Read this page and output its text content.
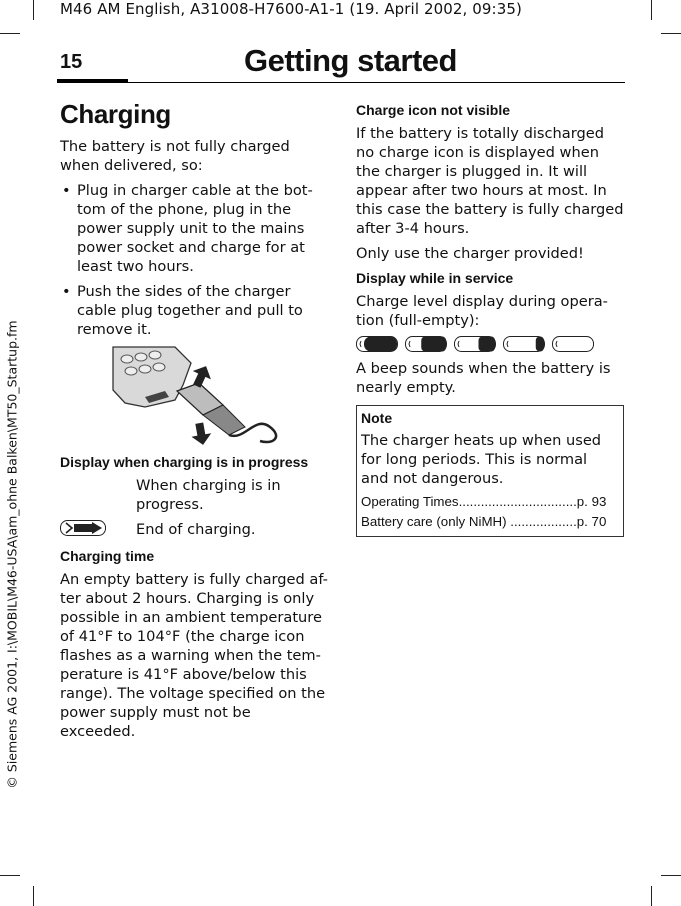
M46 AM English, A31008-H7600-A1-1 (19. April 2002, 09:35)
15	Getting started
© Siemens AG 2001, I:\MOBIL\M46-USA\am_ohne Balken\MT50_Startup.fm
Charging

The battery is not fully charged when delivered, so:

• Plug in charger cable at the bot-tom of the phone, plug in the power supply unit to the mains power socket and charge for at least two hours.
• Push the sides of the charger cable plug together and pull to remove it.
Display when charging is in progress
When charging is in progress.
End of charging.
Charging time

An empty battery is fully charged af-ter about 2 hours. Charging is only possible in an ambient temperature of 41°F to 104°F (the charge icon flashes as a warning when the tem-perature is 41°F above/below this range). The voltage specified on the power supply must not be exceeded.

Charge icon not visible

If the battery is totally discharged no charge icon is displayed when the charger is plugged in. It will appear after two hours at most. In this case the battery is fully charged after 3-4 hours.

Only use the charger provided!

Display while in service

Charge level display during opera-tion (full-empty):

A beep sounds when the battery is nearly empty.

Note

The charger heats up when used for long periods. This is normal and not dangerous.

Operating Times................................p. 93
Battery care (only NiMH) ..................p. 70
